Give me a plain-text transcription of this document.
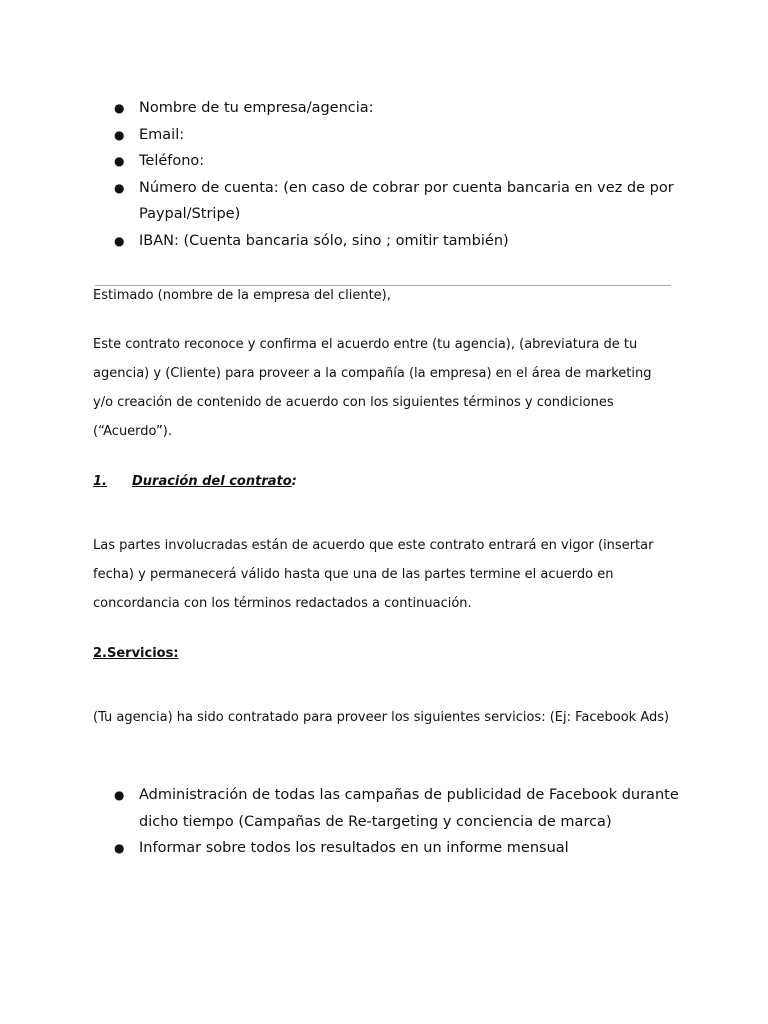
● Nombre de tu empresa/agencia:
● Email:
● Teléfono:
● Número de cuenta: (en caso de cobrar por cuenta bancaria en vez de por Paypal/Stripe)
● IBAN: (Cuenta bancaria sólo, sino ; omitir también)

Estimado (nombre de la empresa del cliente),

Este contrato reconoce y confirma el acuerdo entre (tu agencia), (abreviatura de tu agencia) y (Cliente) para proveer a la compañía (la empresa) en el área de marketing y/o creación de contenido de acuerdo con los siguientes términos y condiciones (“Acuerdo”).

1. Duración del contrato:

Las partes involucradas están de acuerdo que este contrato entrará en vigor (insertar fecha) y permanecerá válido hasta que una de las partes termine el acuerdo en concordancia con los términos redactados a continuación.

2.Servicios:

(Tu agencia) ha sido contratado para proveer los siguientes servicios: (Ej: Facebook Ads)

● Administración de todas las campañas de publicidad de Facebook durante dicho tiempo (Campañas de Re-targeting y conciencia de marca)
● Informar sobre todos los resultados en un informe mensual
